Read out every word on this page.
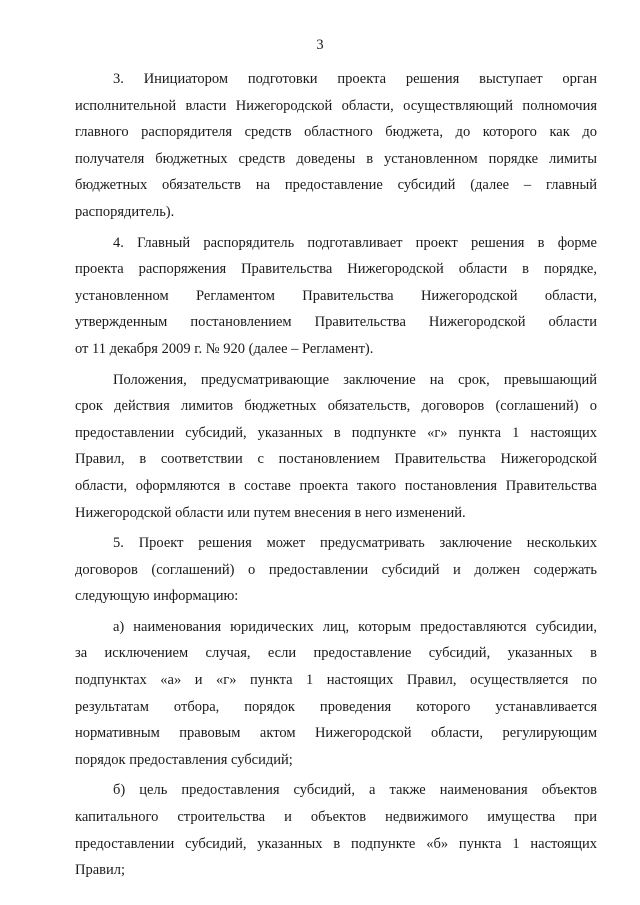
3

3. Инициатором подготовки проекта решения выступает орган
исполнительной власти Нижегородской области, осуществляющий полномочия
главного распорядителя средств областного бюджета, до которого как до
получателя бюджетных средств доведены в установленном порядке лимиты
бюджетных обязательств на предоставление субсидий (далее – главный
распорядитель).

4. Главный распорядитель подготавливает проект решения в форме
проекта распоряжения Правительства Нижегородской области в порядке,
установленном Регламентом Правительства Нижегородской области,
утвержденным постановлением Правительства Нижегородской области
от 11 декабря 2009 г. № 920 (далее – Регламент).

Положения, предусматривающие заключение на срок, превышающий
срок действия лимитов бюджетных обязательств, договоров (соглашений) о
предоставлении субсидий, указанных в подпункте «г» пункта 1 настоящих
Правил, в соответствии с постановлением Правительства Нижегородской
области, оформляются в составе проекта такого постановления Правительства
Нижегородской области или путем внесения в него изменений.

5. Проект решения может предусматривать заключение нескольких
договоров (соглашений) о предоставлении субсидий и должен содержать
следующую информацию:

а) наименования юридических лиц, которым предоставляются субсидии,
за исключением случая, если предоставление субсидий, указанных в
подпунктах «а» и «г» пункта 1 настоящих Правил, осуществляется по
результатам отбора, порядок проведения которого устанавливается
нормативным правовым актом Нижегородской области, регулирующим
порядок предоставления субсидий;

б) цель предоставления субсидий, а также наименования объектов
капитального строительства и объектов недвижимого имущества при
предоставлении субсидий, указанных в подпункте «б» пункта 1 настоящих
Правил;
